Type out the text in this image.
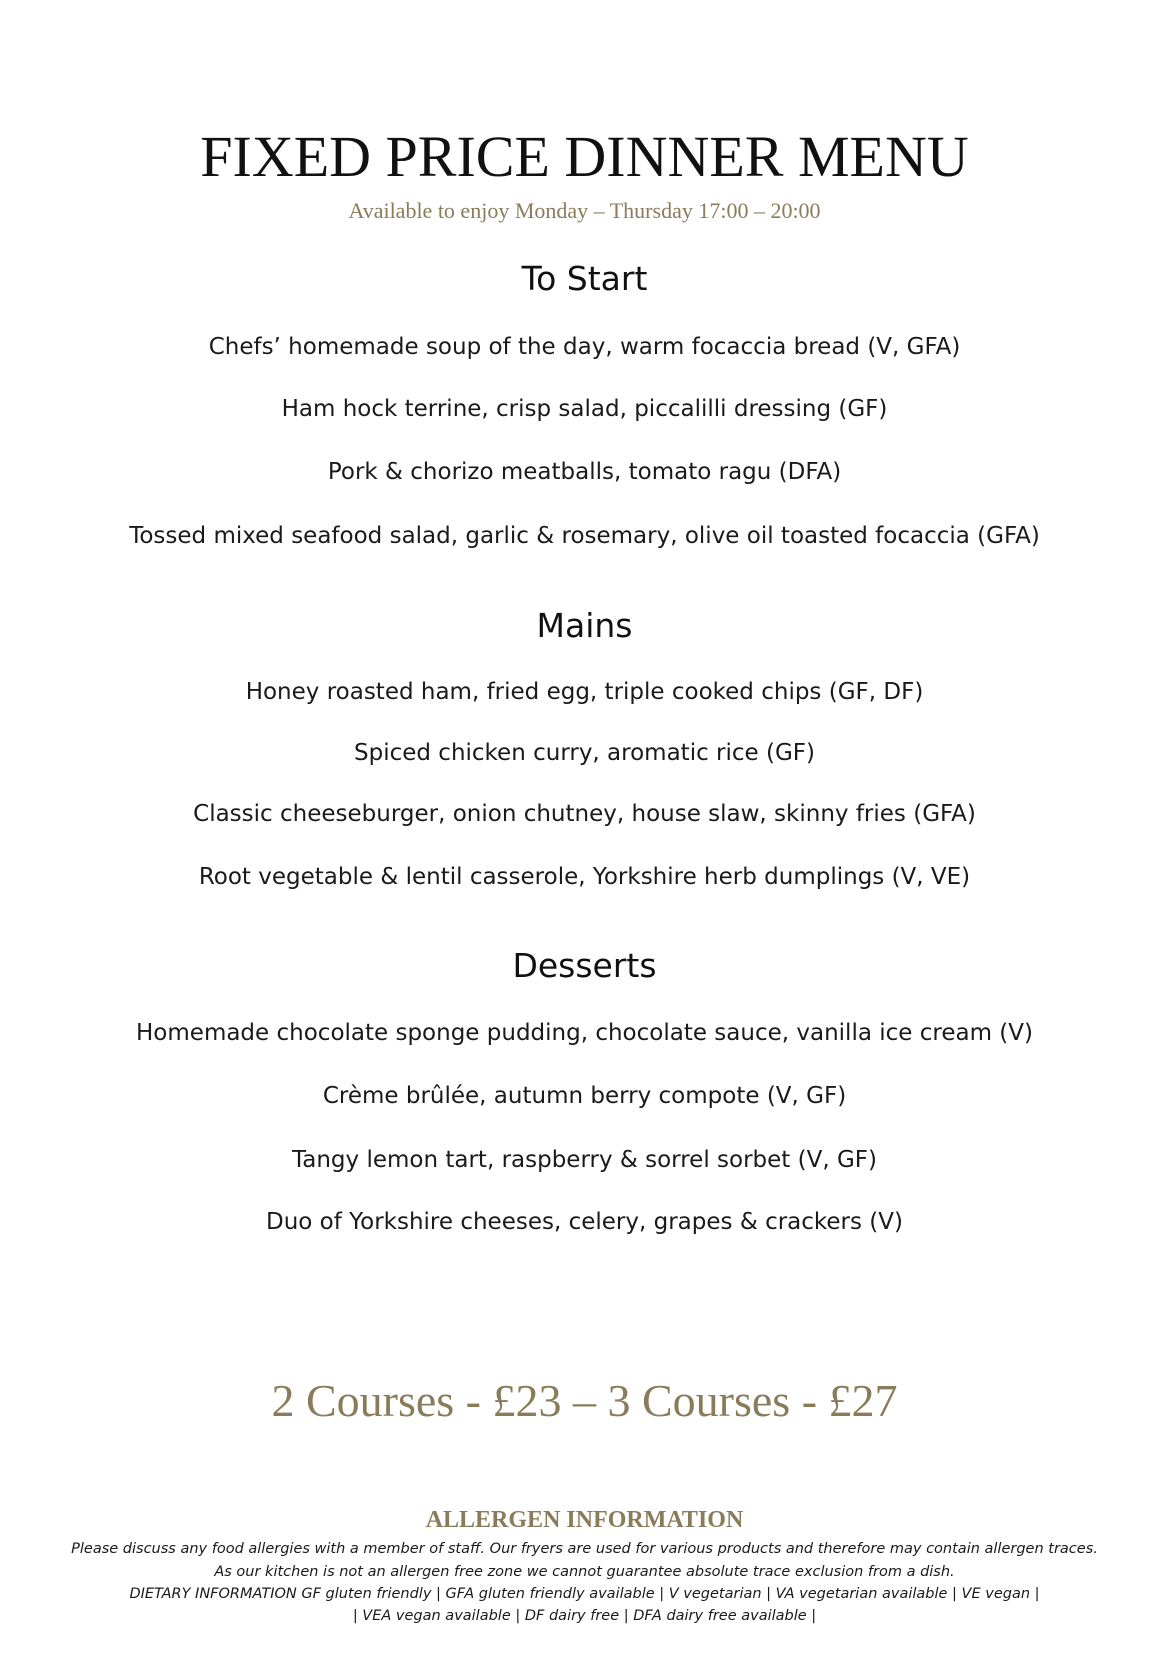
FIXED PRICE DINNER MENU

Available to enjoy Monday – Thursday 17:00 – 20:00

To Start

Chefs’ homemade soup of the day, warm focaccia bread (V, GFA)

Ham hock terrine, crisp salad, piccalilli dressing (GF)

Pork & chorizo meatballs, tomato ragu (DFA)

Tossed mixed seafood salad, garlic & rosemary, olive oil toasted focaccia (GFA)

Mains

Honey roasted ham, fried egg, triple cooked chips (GF, DF)

Spiced chicken curry, aromatic rice (GF)

Classic cheeseburger, onion chutney, house slaw, skinny fries (GFA)

Root vegetable & lentil casserole, Yorkshire herb dumplings (V, VE)

Desserts

Homemade chocolate sponge pudding, chocolate sauce, vanilla ice cream (V)

Crème brûlée, autumn berry compote (V, GF)

Tangy lemon tart, raspberry & sorrel sorbet (V, GF)

Duo of Yorkshire cheeses, celery, grapes & crackers (V)

2 Courses - £23 – 3 Courses - £27

ALLERGEN INFORMATION

Please discuss any food allergies with a member of staff. Our fryers are used for various products and therefore may contain allergen traces.

As our kitchen is not an allergen free zone we cannot guarantee absolute trace exclusion from a dish.

DIETARY INFORMATION GF gluten friendly | GFA gluten friendly available | V vegetarian | VA vegetarian available | VE vegan |

| VEA vegan available | DF dairy free | DFA dairy free available |
